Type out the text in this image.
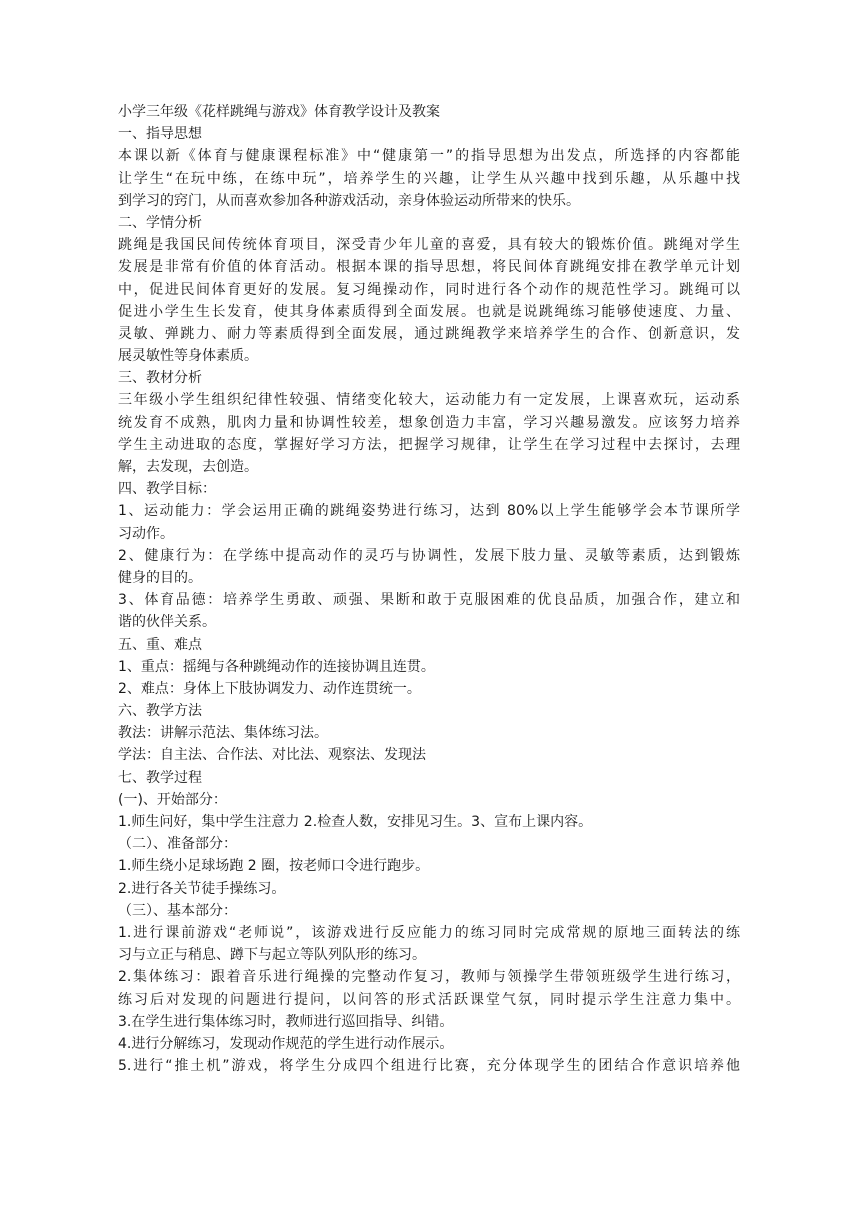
小学三年级《花样跳绳与游戏》体育教学设计及教案
一、指导思想
本课以新《体育与健康课程标准》中“健康第一”的指导思想为出发点，所选择的内容都能
让学生“在玩中练，在练中玩”，培养学生的兴趣，让学生从兴趣中找到乐趣，从乐趣中找
到学习的窍门，从而喜欢参加各种游戏活动，亲身体验运动所带来的快乐。
二、学情分析
跳绳是我国民间传统体育项目，深受青少年儿童的喜爱，具有较大的锻炼价值。跳绳对学生
发展是非常有价值的体育活动。根据本课的指导思想，将民间体育跳绳安排在教学单元计划
中，促进民间体育更好的发展。复习绳操动作，同时进行各个动作的规范性学习。跳绳可以
促进小学生生长发育，使其身体素质得到全面发展。也就是说跳绳练习能够使速度、力量、
灵敏、弹跳力、耐力等素质得到全面发展，通过跳绳教学来培养学生的合作、创新意识，发
展灵敏性等身体素质。
三、教材分析
三年级小学生组织纪律性较强、情绪变化较大，运动能力有一定发展，上课喜欢玩，运动系
统发育不成熟，肌肉力量和协调性较差，想象创造力丰富，学习兴趣易激发。应该努力培养
学生主动进取的态度，掌握好学习方法，把握学习规律，让学生在学习过程中去探讨，去理
解，去发现，去创造。
四、教学目标：
1、运动能力：学会运用正确的跳绳姿势进行练习，达到 80%以上学生能够学会本节课所学
习动作。
2、健康行为：在学练中提高动作的灵巧与协调性，发展下肢力量、灵敏等素质，达到锻炼
健身的目的。
3、体育品德：培养学生勇敢、顽强、果断和敢于克服困难的优良品质，加强合作，建立和
谐的伙伴关系。
五、重、难点
1、重点：摇绳与各种跳绳动作的连接协调且连贯。
2、难点：身体上下肢协调发力、动作连贯统一。
六、教学方法
教法：讲解示范法、集体练习法。
学法：自主法、合作法、对比法、观察法、发现法
七、教学过程
(一)、开始部分：
1.师生问好，集中学生注意力 2.检查人数，安排见习生。3、宣布上课内容。
（二）、准备部分：
1.师生绕小足球场跑 2 圈，按老师口令进行跑步。
2.进行各关节徒手操练习。
（三）、基本部分：
1.进行课前游戏“老师说”，该游戏进行反应能力的练习同时完成常规的原地三面转法的练
习与立正与稍息、蹲下与起立等队列队形的练习。
2.集体练习：跟着音乐进行绳操的完整动作复习，教师与领操学生带领班级学生进行练习，
练习后对发现的问题进行提问，以问答的形式活跃课堂气氛，同时提示学生注意力集中。
3.在学生进行集体练习时，教师进行巡回指导、纠错。
4.进行分解练习，发现动作规范的学生进行动作展示。
5.进行“推土机”游戏，将学生分成四个组进行比赛，充分体现学生的团结合作意识培养他
